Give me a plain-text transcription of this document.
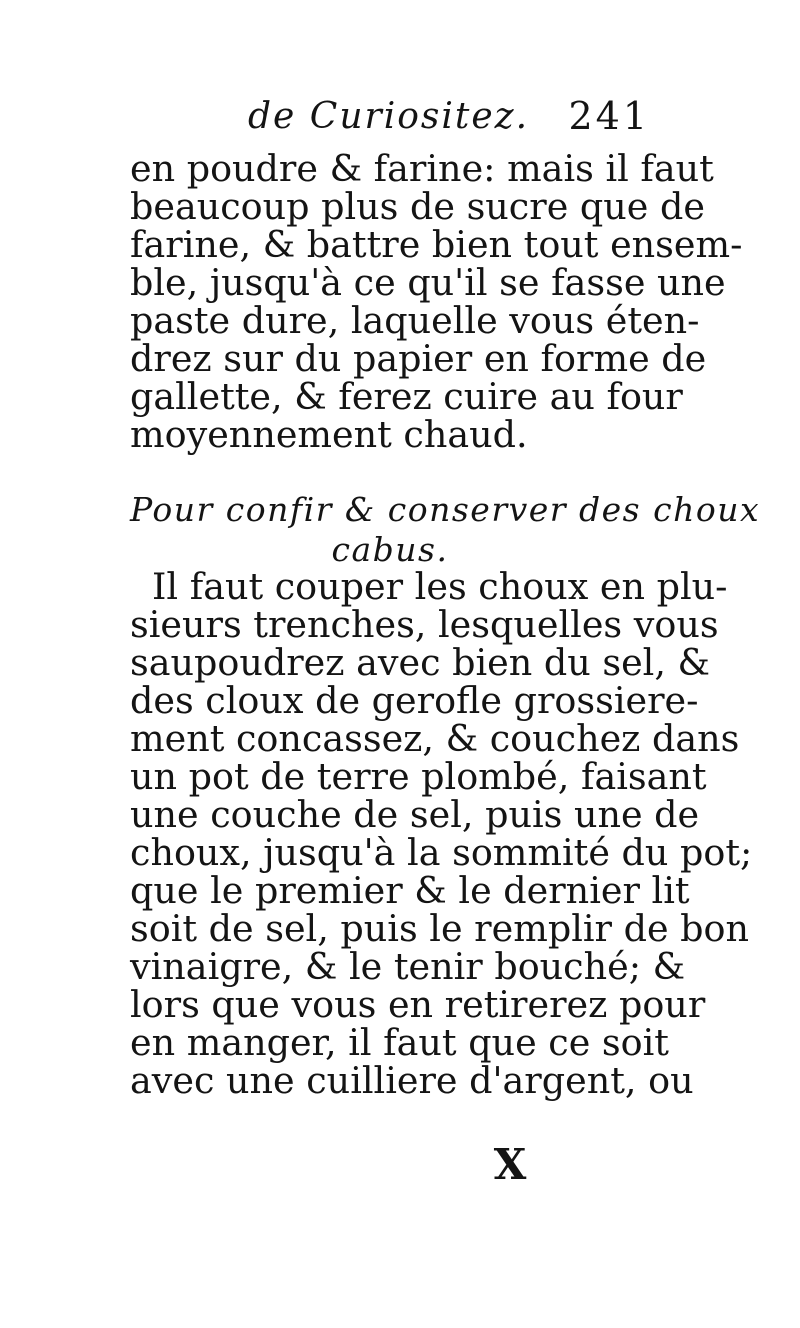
de Curiositez. 241
en poudre & farine: mais il faut
beaucoup plus de sucre que de
farine, & battre bien tout ensem-
ble, jusqu'à ce qu'il se fasse une
paste dure, laquelle vous éten-
drez sur du papier en forme de
gallette, & ferez cuire au four
moyennement chaud.
Pour confir & conserver des choux
cabus.
Il faut couper les choux en plu-
sieurs trenches, lesquelles vous
saupoudrez avec bien du sel, &
des cloux de gerofle grossiere-
ment concassez, & couchez dans
un pot de terre plombé, faisant
une couche de sel, puis une de
choux, jusqu'à la sommité du pot;
que le premier & le dernier lit
soit de sel, puis le remplir de bon
vinaigre, & le tenir bouché; &
lors que vous en retirerez pour
en manger, il faut que ce soit
avec une cuilliere d'argent, ou
X
